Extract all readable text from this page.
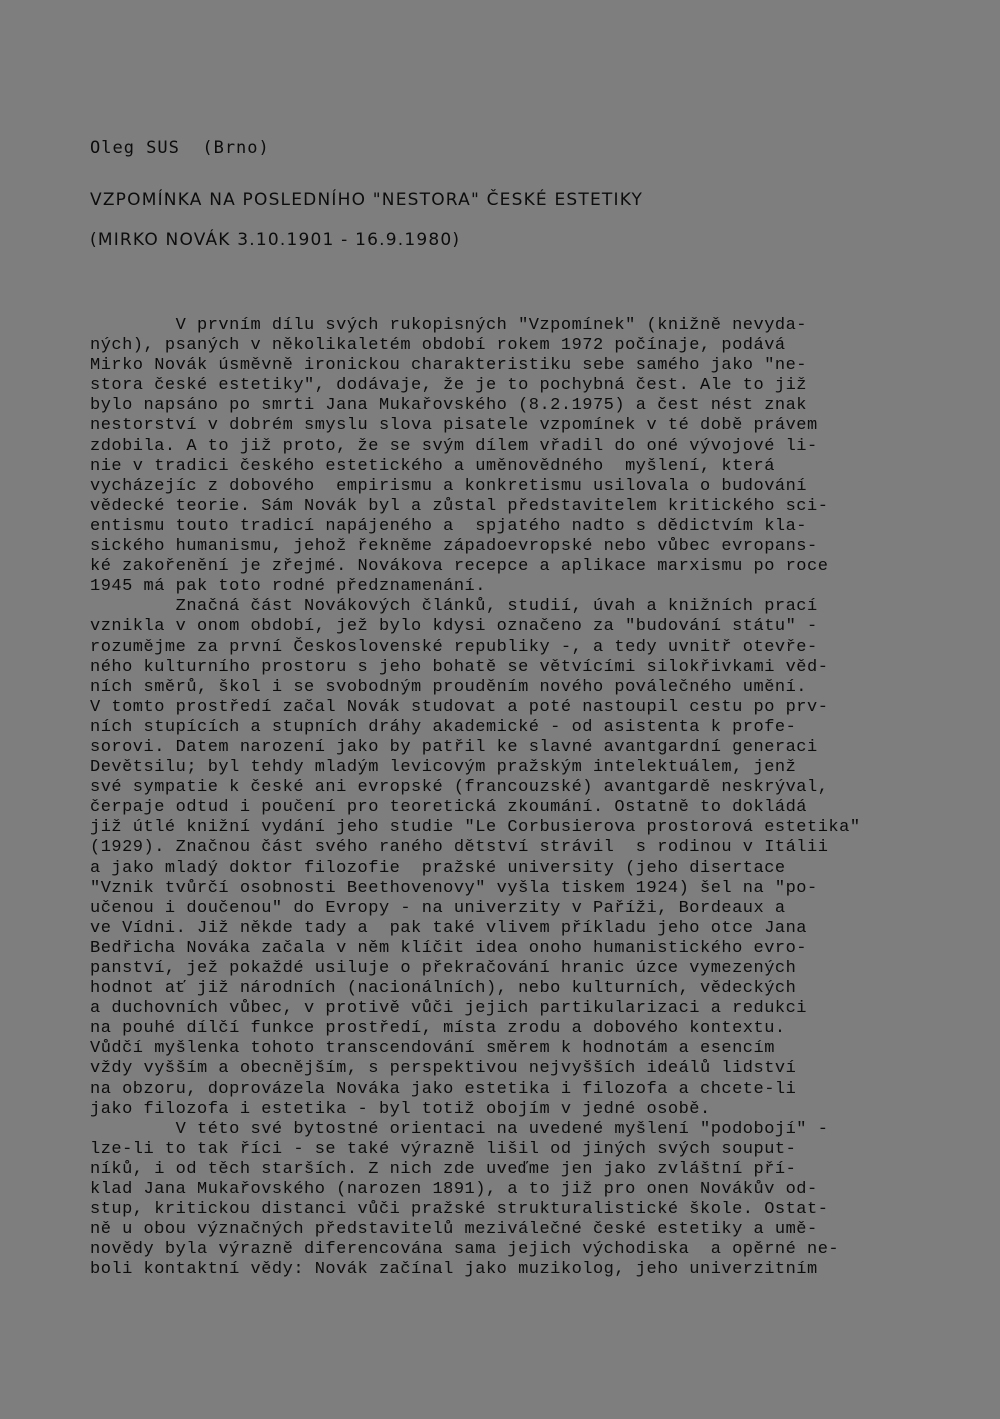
Oleg SUS  (Brno)
VZPOMÍNKA NA POSLEDNÍHO "NESTORA" ČESKÉ ESTETIKY
(MIRKO NOVÁK 3.10.1901 - 16.9.1980)
V prvním dílu svých rukopisných "Vzpomínek" (knižně nevyda-
ných), psaných v několikaletém období rokem 1972 počínaje, podává
Mirko Novák úsměvně ironickou charakteristiku sebe samého jako "ne-
stora české estetiky", dodávaje, že je to pochybná čest. Ale to již
bylo napsáno po smrti Jana Mukařovského (8.2.1975) a čest nést znak
nestorství v dobrém smyslu slova pisatele vzpomínek v té době právem
zdobila. A to již proto, že se svým dílem vřadil do oné vývojové li-
nie v tradici českého estetického a uměnovědného  myšlení, která
vycházejíc z dobového  empirismu a konkretismu usilovala o budování
vědecké teorie. Sám Novák byl a zůstal představitelem kritického sci-
entismu touto tradicí napájeného a  spjatého nadto s dědictvím kla-
sického humanismu, jehož řekněme západoevropské nebo vůbec evropans-
ké zakořenění je zřejmé. Novákova recepce a aplikace marxismu po roce
1945 má pak toto rodné předznamenání.
Značná část Novákových článků, studií, úvah a knižních prací
vznikla v onom období, jež bylo kdysi označeno za "budování státu" -
rozumějme za první Československé republiky -, a tedy uvnitř otevře-
ného kulturního prostoru s jeho bohatě se větvícími silokřivkami věd-
ních směrů, škol i se svobodným prouděním nového poválečného umění.
V tomto prostředí začal Novák studovat a poté nastoupil cestu po prv-
ních stupících a stupních dráhy akademické - od asistenta k profe-
sorovi. Datem narození jako by patřil ke slavné avantgardní generaci
Devětsilu; byl tehdy mladým levicovým pražským intelektuálem, jenž
své sympatie k české ani evropské (francouzské) avantgardě neskrýval,
čerpaje odtud i poučení pro teoretická zkoumání. Ostatně to dokládá
již útlé knižní vydání jeho studie "Le Corbusierova prostorová estetika"
(1929). Značnou část svého raného dětství strávil  s rodinou v Itálii
a jako mladý doktor filozofie  pražské university (jeho disertace
"Vznik tvůrčí osobnosti Beethovenovy" vyšla tiskem 1924) šel na "po-
učenou i doučenou" do Evropy - na univerzity v Paříži, Bordeaux a
ve Vídni. Již někde tady a  pak také vlivem příkladu jeho otce Jana
Bedřicha Nováka začala v něm klíčit idea onoho humanistického evro-
panství, jež pokaždé usiluje o překračování hranic úzce vymezených
hodnot ať již národních (nacionálních), nebo kulturních, vědeckých
a duchovních vůbec, v protivě vůči jejich partikularizaci a redukci
na pouhé dílčí funkce prostředí, místa zrodu a dobového kontextu.
Vůdčí myšlenka tohoto transcendování směrem k hodnotám a esencím
vždy vyšším a obecnějším, s perspektivou nejvyšších ideálů lidství
na obzoru, doprovázela Nováka jako estetika i filozofa a chcete-li
jako filozofa i estetika - byl totiž obojím v jedné osobě.
V této své bytostné orientaci na uvedené myšlení "podobojí" -
lze-li to tak říci - se také výrazně lišil od jiných svých souput-
níků, i od těch starších. Z nich zde uveďme jen jako zvláštní pří-
klad Jana Mukařovského (narozen 1891), a to již pro onen Novákův od-
stup, kritickou distanci vůči pražské strukturalistické škole. Ostat-
ně u obou význačných představitelů meziválečné české estetiky a umě-
novědy byla výrazně diferencována sama jejich východiska  a opěrné ne-
boli kontaktní vědy: Novák začínal jako muzikolog, jeho univerzitním
